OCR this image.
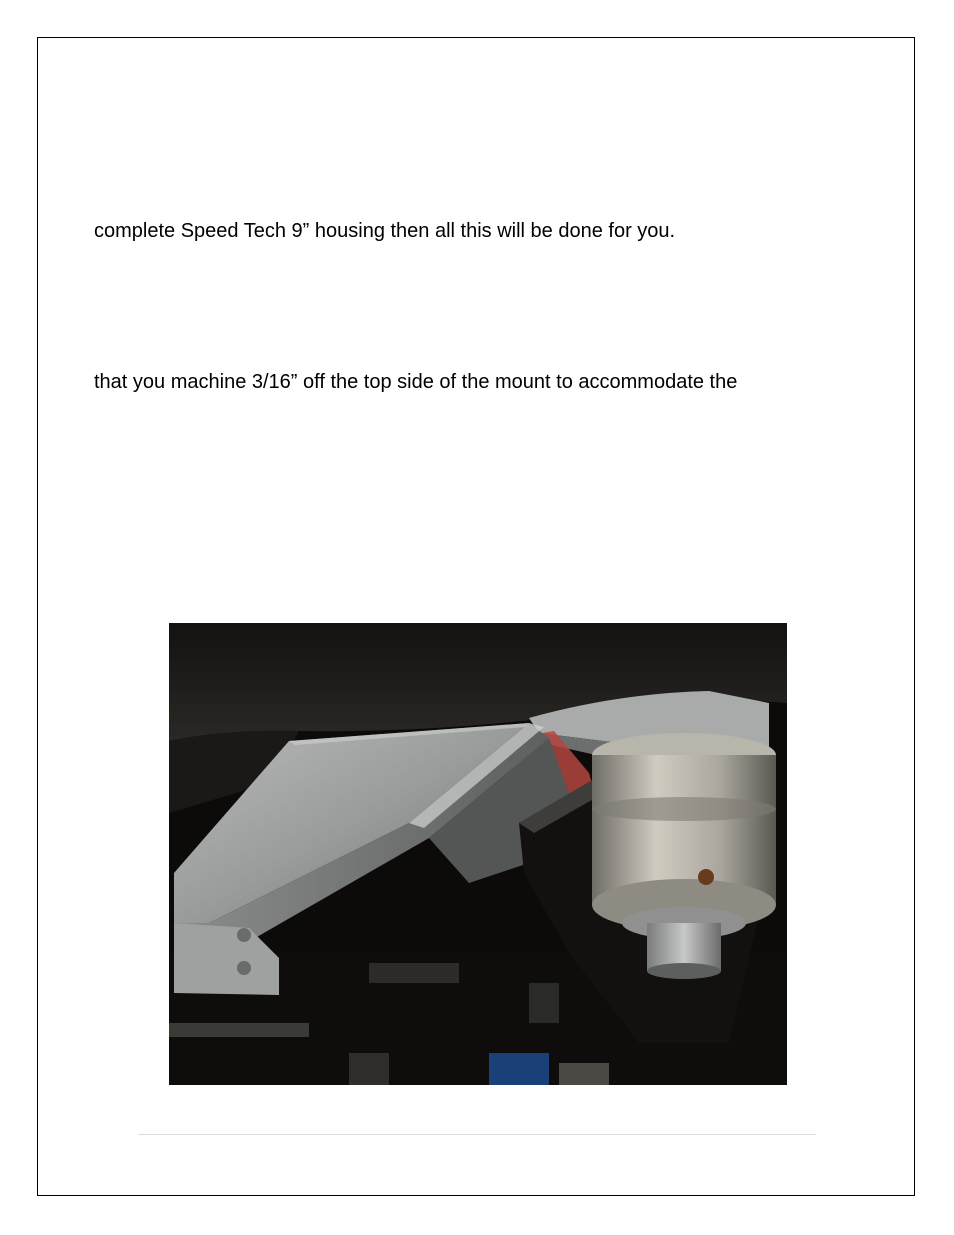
complete Speed Tech 9” housing then all this will be done for you.
that you machine 3/16” off the top side of the mount to accommodate the
